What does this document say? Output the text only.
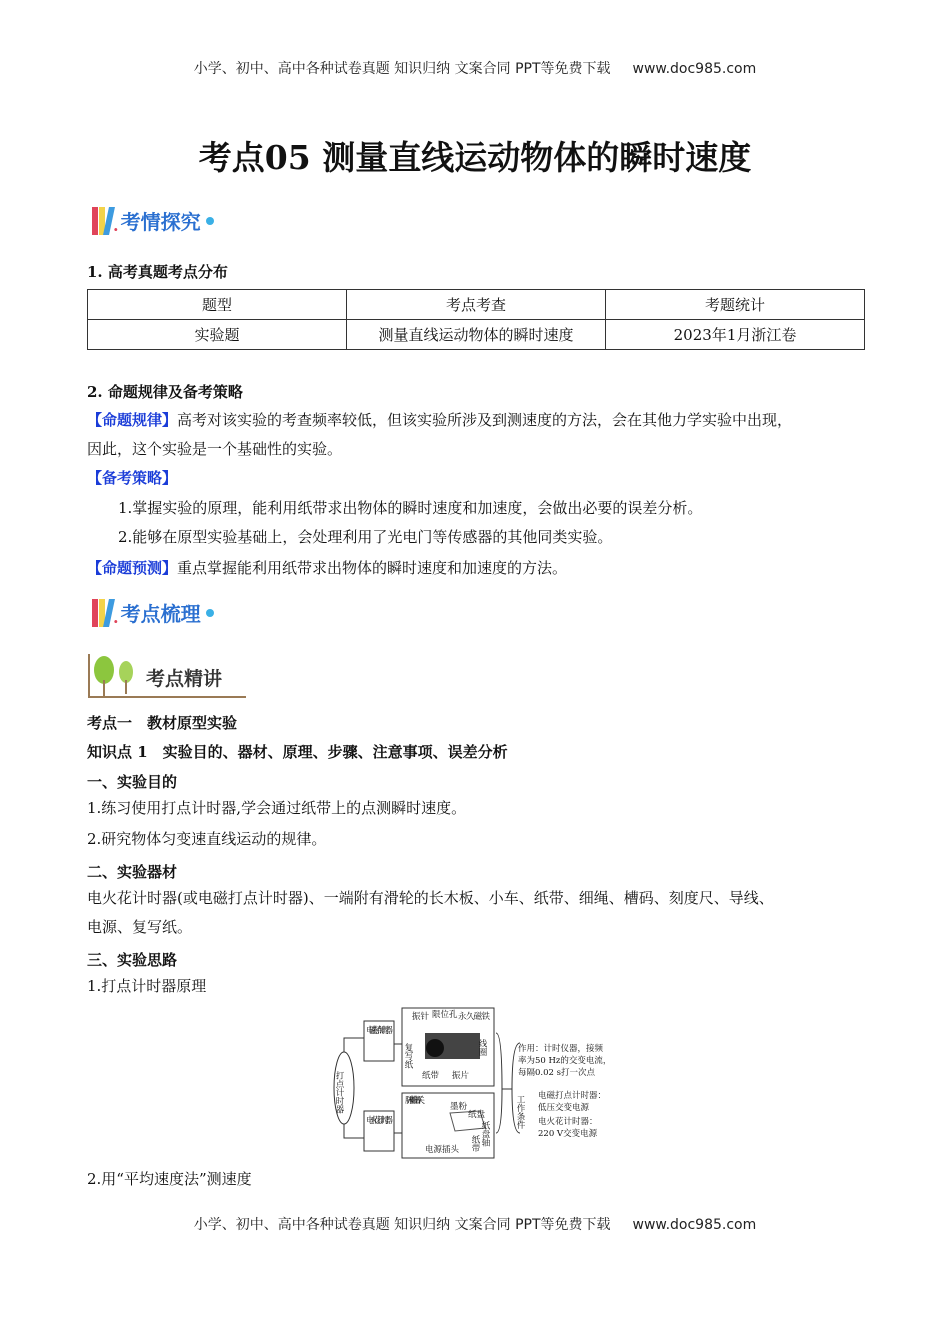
小学、初中、高中各种试卷真题 知识归纳 文案合同 PPT等免费下载 www.doc985.com
考点05 测量直线运动物体的瞬时速度
. 考情探究
1. 高考真题考点分布
题型	考点考查	考题统计
实验题	测量直线运动物体的瞬时速度	2023年1月浙江卷
2. 命题规律及备考策略
【命题规律】高考对该实验的考查频率较低，但该实验所涉及到测速度的方法，会在其他力学实验中出现，
因此，这个实验是一个基础性的实验。
【备考策略】
1.掌握实验的原理，能利用纸带求出物体的瞬时速度和加速度，会做出必要的误差分析。
2.能够在原型实验基础上，会处理利用了光电门等传感器的其他同类实验。
【命题预测】重点掌握能利用纸带求出物体的瞬时速度和加速度的方法。
. 考点梳理
考点精讲
考点一　教材原型实验
知识点 1　实验目的、器材、原理、步骤、注意事项、误差分析
一、实验目的
1.练习使用打点计时器,学会通过纸带上的点测瞬时速度。
2.研究物体匀变速直线运动的规律。
二、实验器材
电火花计时器(或电磁打点计时器)、一端附有滑轮的长木板、小车、纸带、细绳、槽码、刻度尺、导线、
电源、复写纸。
三、实验思路
1.打点计时器原理
打点计时器
电磁打点计时器
电火花计时器
振针 限位孔 永久磁铁
线圈
复写纸
纸带 振片
脉冲输出开关
墨粉
纸盘
纸盘轴
纸带
电源插头
作用：计时仪器，接频
率为50 Hz的交变电流，
每隔0.02 s打一次点
工作条件 电磁打点计时器：
低压交变电源
电火花计时器：
220 V交变电源
2.用“平均速度法”测速度
小学、初中、高中各种试卷真题 知识归纳 文案合同 PPT等免费下载 www.doc985.com
